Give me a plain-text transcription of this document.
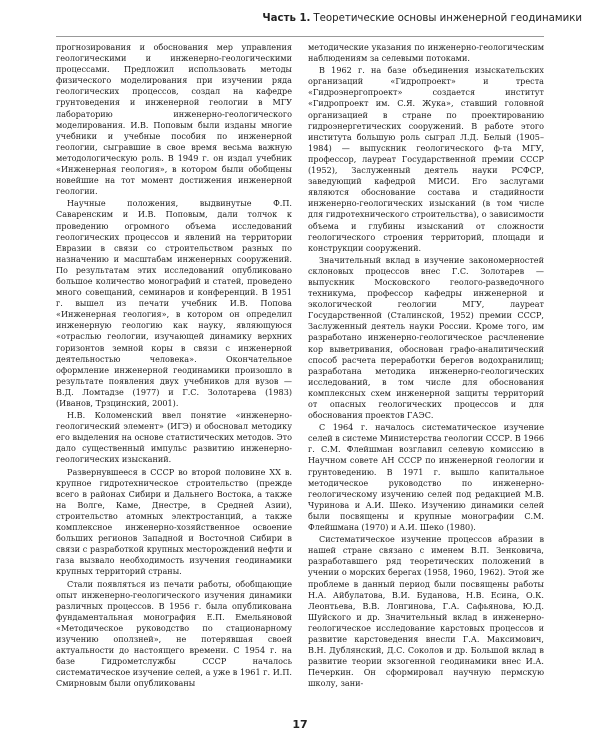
Часть 1. Теоретические основы инженерной геодинамики

прогнозирования и обоснования мер управления геологическими и инженерно-геологическими процессами. Предложил использовать методы физического моделирования при изучении ряда геологических процессов, создал на кафедре грунтоведения и инженерной геологии в МГУ лабораторию инженерно-геологического моделирования. И.В. Поповым были изданы многие учебники и учебные пособия по инженерной геологии, сыгравшие в свое время весьма важную методологическую роль. В 1949 г. он издал учебник «Инженерная геология», в котором были обобщены новейшие на тот момент достижения инженерной геологии.

Научные положения, выдвинутые Ф.П. Саваренским и И.В. Поповым, дали толчок к проведению огромного объема исследований геологических процессов и явлений на территории Евразии в связи со строительством разных по назначению и масштабам инженерных сооружений. По результатам этих исследований опубликовано большое количество монографий и статей, проведено много совещаний, семинаров и конференций. В 1951 г. вышел из печати учебник И.В. Попова «Инженерная геология», в котором он определил инженерную геологию как науку, являющуюся «отраслью геологии, изучающей динамику верхних горизонтов земной коры в связи с инженерной деятельностью человека». Окончательное оформление инженерной геодинамики произошло в результате появления двух учебников для вузов — В.Д. Ломтадзе (1977) и Г.С. Золотарева (1983) (Иванов, Трзцинский, 2001).

Н.В. Коломенский ввел понятие «инженерно-геологический элемент» (ИГЭ) и обосновал методику его выделения на основе статистических методов. Это дало существенный импульс развитию инженерно-геологических изысканий.

Развернувшееся в СССР во второй половине XX в. крупное гидротехническое строительство (прежде всего в районах Сибири и Дальнего Востока, а также на Волге, Каме, Днестре, в Средней Азии), строительство атомных электростанций, а также комплексное инженерно-хозяйственное освоение больших регионов Западной и Восточной Сибири в связи с разработкой крупных месторождений нефти и газа вызвало необходимость изучения геодинамики крупных территорий страны.

Стали появляться из печати работы, обобщающие опыт инженерно-геологического изучения динамики различных процессов. В 1956 г. была опубликована фундаментальная монография Е.П. Емельяновой «Методическое руководство по стационарному изучению оползней», не потерявшая своей актуальности до настоящего времени. С 1954 г. на базе Гидрометслужбы СССР началось систематическое изучение селей, а уже в 1961 г. И.П. Смирновым были опубликованы

методические указания по инженерно-геологическим наблюдениям за селевыми потоками.

В 1962 г. на базе объединения изыскательских организаций «Гидропроект» и треста «Гидроэнергопроект» создается институт «Гидропроект им. С.Я. Жука», ставший головной организацией в стране по проектированию гидроэнергетических сооружений. В работе этого института большую роль сыграл Л.Д. Белый (1905–1984) — выпускник геологического ф-та МГУ, профессор, лауреат Государственной премии СССР (1952), Заслуженный деятель науки РСФСР, заведующий кафедрой МИСИ. Его заслугами являются обоснование состава и стадийности инженерно-геологических изысканий (в том числе для гидротехнического строительства), о зависимости объема и глубины изысканий от сложности геологического строения территорий, площади и конструкции сооружений.

Значительный вклад в изучение закономерностей склоновых процессов внес Г.С. Золотарев — выпускник Московского геолого-разведочного техникума, профессор кафедры инженерной и экологической геологии МГУ, лауреат Государственной (Сталинской, 1952) премии СССР, Заслуженный деятель науки России. Кроме того, им разработано инженерно-геологическое расчленение кор выветривания, обоснован графо-аналитический способ расчета переработки берегов водохранилищ; разработана методика инженерно-геологических исследований, в том числе для обоснования комплексных схем инженерной защиты территорий от опасных геологических процессов и для обоснования проектов ГАЭС.

С 1964 г. началось систематическое изучение селей в системе Министерства геологии СССР. В 1966 г. С.М. Флейшман возглавил селевую комиссию в Научном совете АН СССР по инженерной геологии и грунтоведению. В 1971 г. вышло капитальное методическое руководство по инженерно-геологическому изучению селей под редакцией М.В. Чуринова и А.И. Шеко. Изучению динамики селей были посвящены и крупные монографии С.М. Флейшмана (1970) и А.И. Шеко (1980).

Систематическое изучение процессов абразии в нашей стране связано с именем В.П. Зенковича, разработавшего ряд теоретических положений в учении о морских берегах (1958, 1960, 1962). Этой же проблеме в данный период были посвящены работы Н.А. Айбулатова, В.И. Буданова, Н.В. Есина, О.К. Леонтьева, В.В. Лонгинова, Г.А. Сафьянова, Ю.Д. Шуйского и др. Значительный вклад в инженерно-геологическое исследование карстовых процессов и развитие карстоведения внесли Г.А. Максимович, В.Н. Дублянский, Д.С. Соколов и др. Большой вклад в развитие теории экзогенной геодинамики внес И.А. Печеркин. Он сформировал научную пермскую школу, зани-

17
